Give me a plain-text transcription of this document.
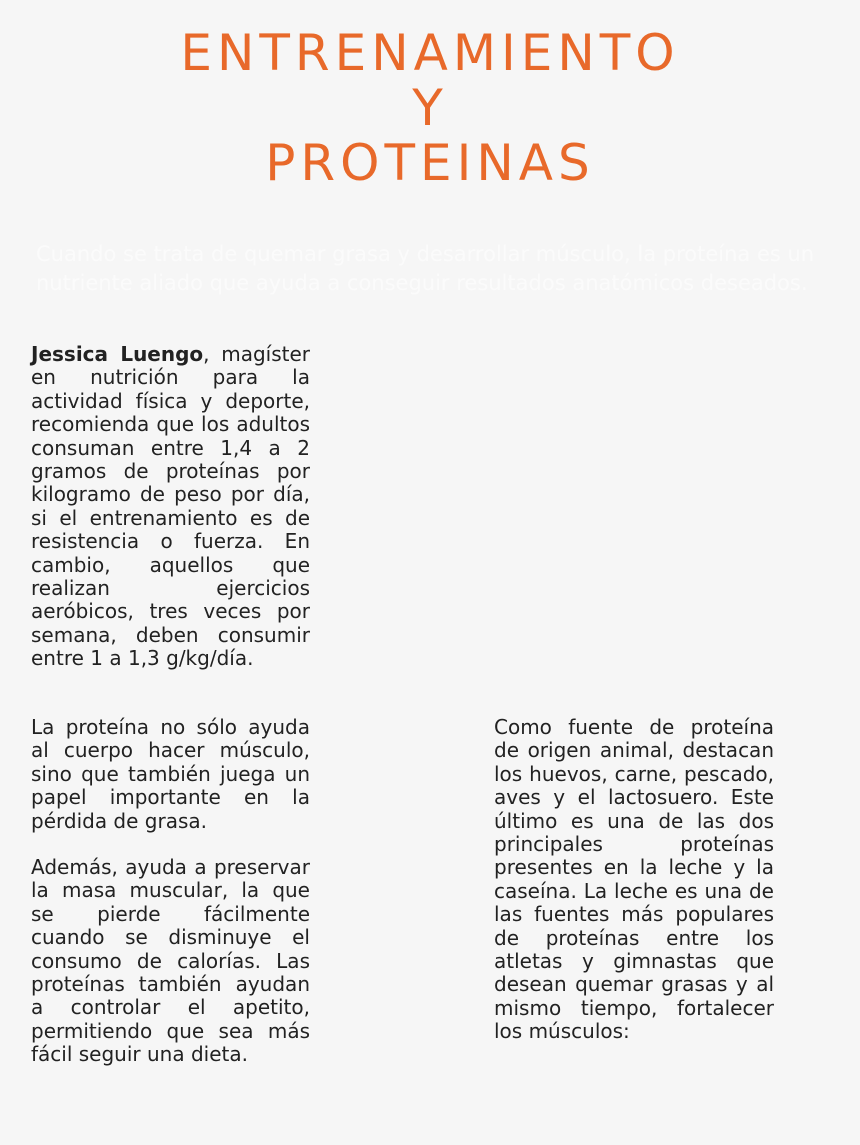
ENTRENAMIENTO
Y
PROTEINAS

Cuando se trata de quemar grasa y desarrollar músculo, la proteína es un nutriente aliado que ayuda a conseguir resultados anatómicos deseados.

Jessica Luengo, magíster en nutrición para la actividad física y deporte, recomienda que los adultos consuman entre 1,4 a 2 gramos de proteínas por kilogramo de peso por día, si el entrenamiento es de resistencia o fuerza. En cambio, aquellos que realizan ejercicios aeróbicos, tres veces por semana, deben consumir entre 1 a 1,3 g/kg/día.

La proteína no sólo ayuda al cuerpo hacer músculo, sino que también juega un papel importante en la pérdida de grasa.

Además, ayuda a preservar la masa muscular, la que se pierde fácilmente cuando se disminuye el consumo de calorías. Las proteínas también ayudan a controlar el apetito, permitiendo que sea más fácil seguir una dieta.

Como fuente de proteína de origen animal, destacan los huevos, carne, pescado, aves y el lactosuero. Este último es una de las dos principales proteínas presentes en la leche y la caseína. La leche es una de las fuentes más populares de proteínas entre los atletas y gimnastas que desean quemar grasas y al mismo tiempo, fortalecer los músculos:
